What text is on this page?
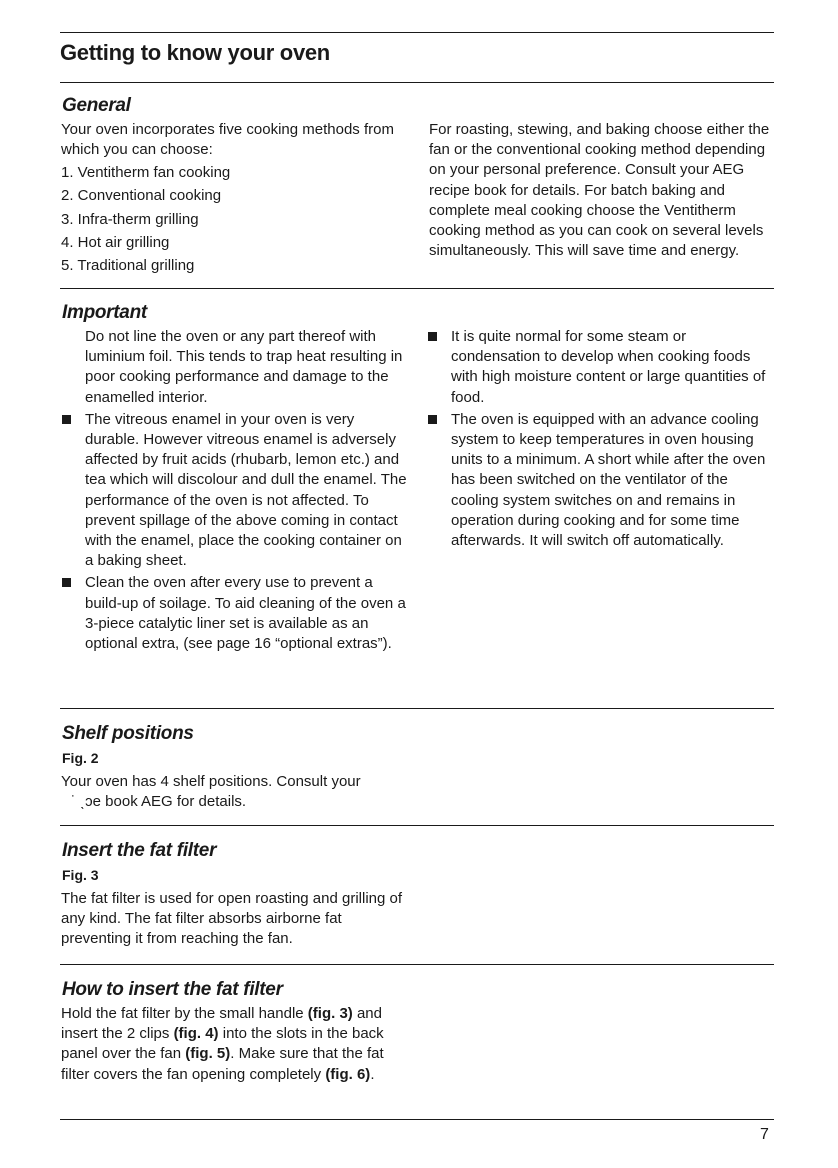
Getting to know your oven
General

Your oven incorporates five cooking methods from which you can choose:

1. Ventitherm fan cooking
2. Conventional cooking
3. Infra-therm grilling
4. Hot air grilling
5. Traditional grilling

For roasting, stewing, and baking choose either the fan or the conventional cooking method depending on your personal preference. Consult your AEG recipe book for details. For batch baking and complete meal cooking choose the Ventitherm cooking method as you can cook on several levels simultaneously. This will save time and energy.

Important
Do not line the oven or any part thereof with luminium foil. This tends to trap heat resulting in poor cooking performance and damage to the enamelled interior.
The vitreous enamel in your oven is very durable. However vitreous enamel is adversely affected by fruit acids (rhubarb, lemon etc.) and tea which will discolour and dull the enamel. The performance of the oven is not affected. To prevent spillage of the above coming in contact with the enamel, place the cooking container on a baking sheet.
Clean the oven after every use to prevent a build-up of soilage. To aid cleaning of the oven a 3-piece catalytic liner set is available as an optional extra, (see page 16 “optional extras”).
It is quite normal for some steam or condensation to develop when cooking foods with high moisture content or large quantities of food.
The oven is equipped with an advance cooling system to keep temperatures in oven housing units to a minimum. A short while after the oven has been switched on the ventilator of the cooling system switches on and remains in operation during cooking and for some time afterwards. It will switch off automatically.
Shelf positions
Fig. 2

Your oven has 4 shelf positions. Consult your
˙ ˎɔe book AEG for details.

Insert the fat filter
Fig. 3

The fat filter is used for open roasting and grilling of any kind. The fat filter absorbs airborne fat preventing it from reaching the fan.

How to insert the fat filter

Hold the fat filter by the small handle (fig. 3) and insert the 2 clips (fig. 4) into the slots in the back panel over the fan (fig. 5). Make sure that the fat filter covers the fan opening completely (fig. 6).

7
